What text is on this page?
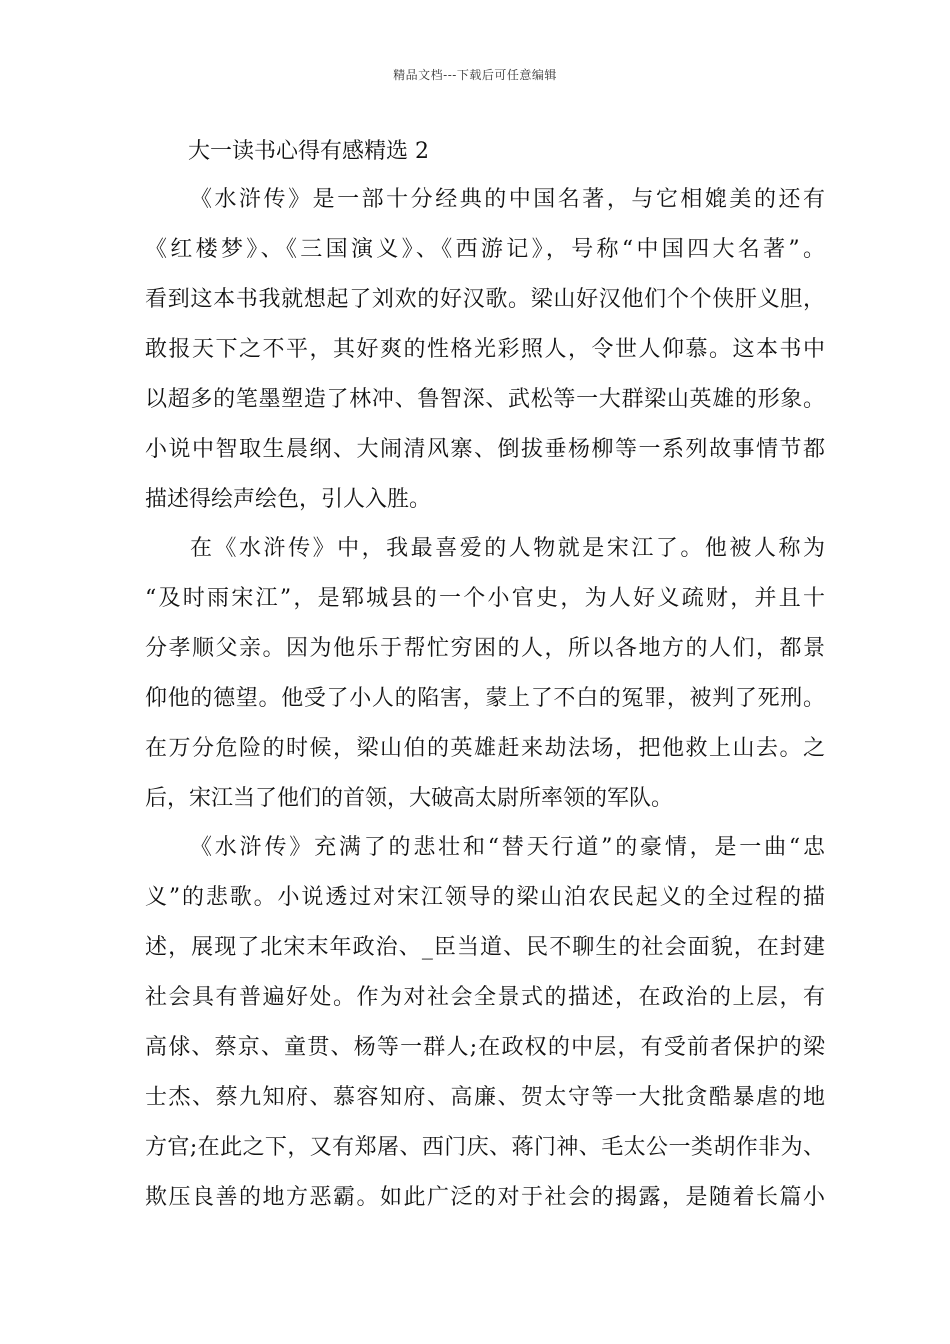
精品文档---下载后可任意编辑
大一读书心得有感精选 2
《水浒传》是一部十分经典的中国名著，与它相媲美的还有
《红楼梦》、《三国演义》、《西游记》，号称“中国四大名著”。
看到这本书我就想起了刘欢的好汉歌。梁山好汉他们个个侠肝义胆，
敢报天下之不平，其好爽的性格光彩照人，令世人仰慕。这本书中
以超多的笔墨塑造了林冲、鲁智深、武松等一大群梁山英雄的形象。
小说中智取生晨纲、大闹清风寨、倒拔垂杨柳等一系列故事情节都
描述得绘声绘色，引人入胜。
在《水浒传》中，我最喜爱的人物就是宋江了。他被人称为
“及时雨宋江”，是郓城县的一个小官史，为人好义疏财，并且十
分孝顺父亲。因为他乐于帮忙穷困的人，所以各地方的人们，都景
仰他的德望。他受了小人的陷害，蒙上了不白的冤罪，被判了死刑。
在万分危险的时候，梁山伯的英雄赶来劫法场，把他救上山去。之
后，宋江当了他们的首领，大破高太尉所率领的军队。
《水浒传》充满了的悲壮和“替天行道”的豪情，是一曲“忠
义”的悲歌。小说透过对宋江领导的梁山泊农民起义的全过程的描
述，展现了北宋末年政治、_臣当道、民不聊生的社会面貌，在封建
社会具有普遍好处。作为对社会全景式的描述，在政治的上层，有
高俅、蔡京、童贯、杨等一群人;在政权的中层，有受前者保护的梁
士杰、蔡九知府、慕容知府、高廉、贺太守等一大批贪酷暴虐的地
方官;在此之下，又有郑屠、西门庆、蒋门神、毛太公一类胡作非为、
欺压良善的地方恶霸。如此广泛的对于社会的揭露，是随着长篇小
